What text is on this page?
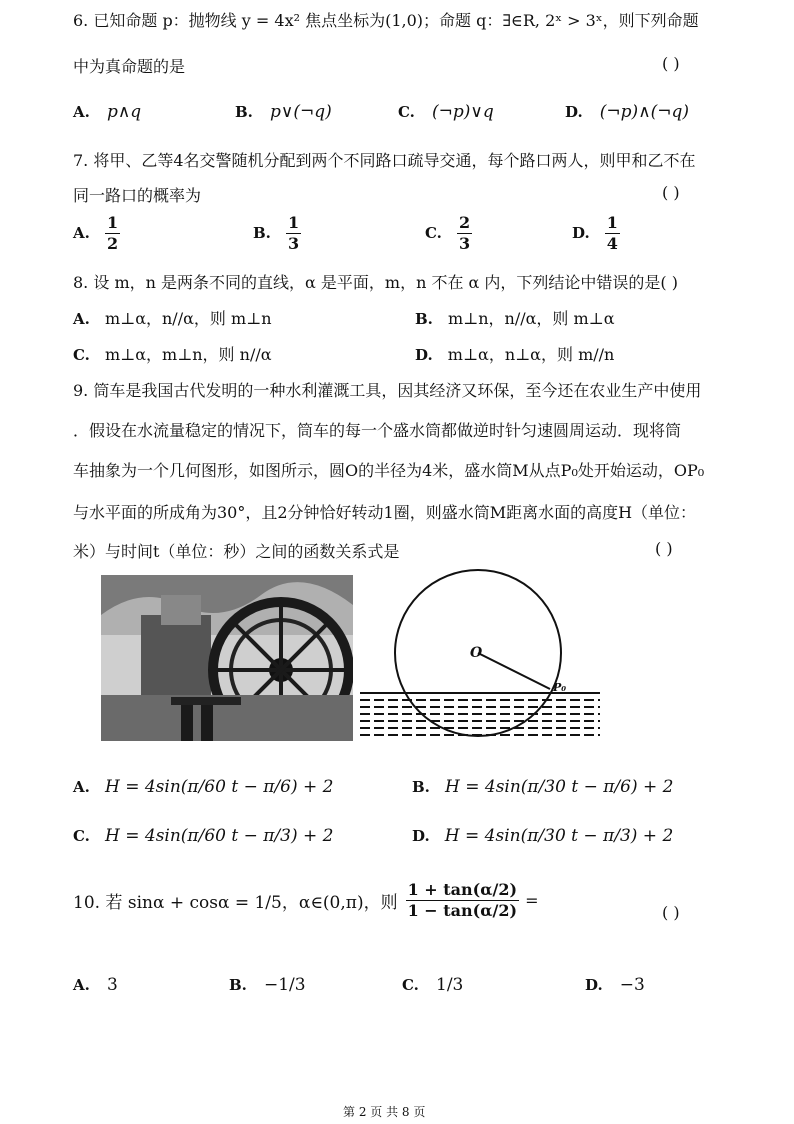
6. 已知命题 p：抛物线 y = 4x² 焦点坐标为(1,0)；命题 q：∃∈R, 2ˣ > 3ˣ，则下列命题
中为真命题的是	( )
A. p∧q	B. p∨(¬q)	C. (¬p)∨q	D. (¬p)∧(¬q)
7. 将甲、乙等4名交警随机分配到两个不同路口疏导交通，每个路口两人，则甲和乙不在
同一路口的概率为	( )
A. $\frac{1}{2}$	B. $\frac{1}{3}$	C. $\frac{2}{3}$	D. $\frac{1}{4}$
8. 设 m，n 是两条不同的直线，α 是平面，m，n 不在 α 内，下列结论中错误的是( )
A. m⊥α，n//α，则 m⊥n	B. m⊥n，n//α，则 m⊥α
C. m⊥α，m⊥n，则 n//α	D. m⊥α，n⊥α，则 m//n
9. 筒车是我国古代发明的一种水利灌溉工具，因其经济又环保，至今还在农业生产中使用
．假设在水流量稳定的情况下，筒车的每一个盛水筒都做逆时针匀速圆周运动．现将筒
车抽象为一个几何图形，如图所示，圆O的半径为4米，盛水筒M从点P₀处开始运动，OP₀
与水平面的所成角为30°，且2分钟恰好转动1圈，则盛水筒M距离水面的高度H（单位：
米）与时间t（单位：秒）之间的函数关系式是	( )
O
P₀
A. H = 4sin(π/60 t − π/6) + 2	B. H = 4sin(π/30 t − π/6) + 2
C. H = 4sin(π/60 t − π/3) + 2	D. H = 4sin(π/30 t − π/3) + 2
10. 若 sinα + cosα = 1/5，α∈(0,π)，则 $\frac{1 + \tan(\alpha/2)}{1 - \tan(\alpha/2)}$ =
( )
A. 3	B. −1/3	C. 1/3	D. −3
第 2 页 共 8 页
